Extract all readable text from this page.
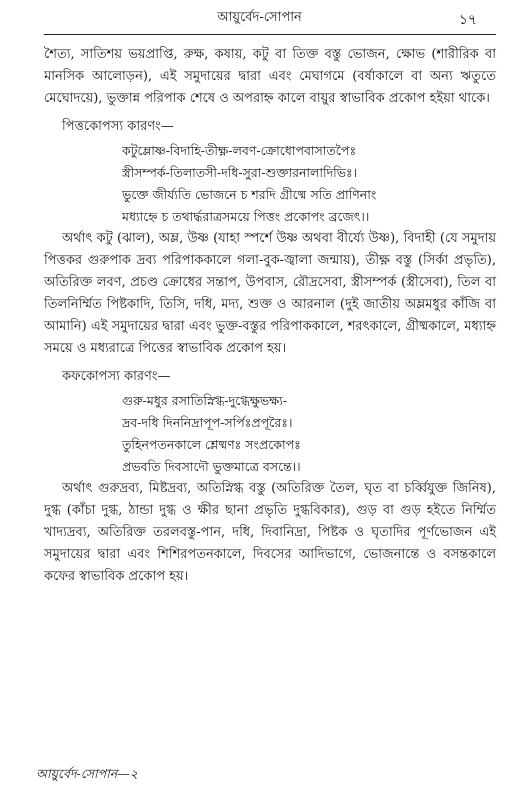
আয়ুর্বেদ-সোপান	১৭

শৈত্য, সাতিশয় ভয়প্রাপ্তি, রুক্ষ, কষায়, কটু বা তিক্ত বস্তু ভোজন, ক্ষোভ (শারীরিক বা মানসিক আলোড়ন), এই সমুদায়ের দ্বারা এবং মেঘাগমে (বর্ষাকালে বা অন্য ঋতুতে মেঘোদয়ে), ভুক্তান্ন পরিপাক শেষে ও অপরাহ্ন কালে বায়ুর স্বাভাবিক প্রকোপ হইয়া থাকে।

পিত্তকোপস্য কারণং—
কটুম্লোষ্ণ-বিদাহি-তীক্ষ্ণ-লবণ-ক্রোধোপবাসাতপৈঃ
স্ত্রীসম্পর্ক-তিলাতসী-দধি-সুরা-শুক্তারনালাদিভিঃ।
ভুক্তে জীর্য্যতি ভোজনে চ শরদি গ্রীষ্মে সতি প্রাণিনাং
মধ্যাহ্নে চ তথার্দ্ধরাত্রসময়ে পিত্তং প্রকোপং ব্রজেৎ।।

অর্থাৎ কটু (ঝাল), অম্ল, উষ্ণ (যাহা স্পর্শে উষ্ণ অথবা বীর্য্যে উষ্ণ), বিদাহী (যে সমুদায় পিত্তকর গুরুপাক দ্রব্য পরিপাককালে গলা-বুক-জ্বালা জন্মায়), তীক্ষ্ণ বস্তু (সির্কা প্রভৃতি), অতিরিক্ত লবণ, প্রচণ্ড ক্রোধের সন্তাপ, উপবাস, রৌদ্রসেবা, স্ত্রীসম্পর্ক (স্ত্রীসেবা), তিল বা তিলনির্ম্মিত পিষ্টকাদি, তিসি, দধি, মদ্য, শুক্ত ও আরনাল (দুই জাতীয় অম্লমধুর কাঁজি বা আমানি) এই সমুদায়ের দ্বারা এবং ভুক্ত-বস্তুর পরিপাককালে, শরৎকালে, গ্রীষ্মকালে, মধ্যাহ্ন সময়ে ও মধ্যরাত্রে পিত্তের স্বাভাবিক প্রকোপ হয়।

কফকোপস্য কারণং—
গুরু-মধুর রসাতিস্নিগ্ধ-দুগ্ধেক্ষুভক্ষ্য-
দ্রব-দধি দিননিদ্রাপূপ-সর্পিঃপ্রপূরৈঃ।
তুহিনপতনকালে শ্লেষ্মণঃ সংপ্রকোপঃ
প্রভবতি দিবসাদৌ ভুক্তমাত্রে বসন্তে।।

অর্থাৎ গুরুদ্রব্য, মিষ্টদ্রব্য, অতিস্নিগ্ধ বস্তু (অতিরিক্ত তৈল, ঘৃত বা চর্ব্বিযুক্ত জিনিষ), দুগ্ধ (কাঁচা দুগ্ধ, ঠান্ডা দুগ্ধ ও ক্ষীর ছানা প্রভৃতি দুগ্ধবিকার), গুড় বা গুড় হইতে নির্ম্মিত খাদ্যদ্রব্য, অতিরিক্ত তরলবস্তু-পান, দধি, দিবানিদ্রা, পিষ্টক ও ঘৃতাদির পূর্ণভোজন এই সমুদায়ের দ্বারা এবং শিশিরপতনকালে, দিবসের আদিভাগে, ভোজনান্তে ও বসন্তকালে কফের স্বাভাবিক প্রকোপ হয়।

আয়ুর্বেদ-সোপান—২
